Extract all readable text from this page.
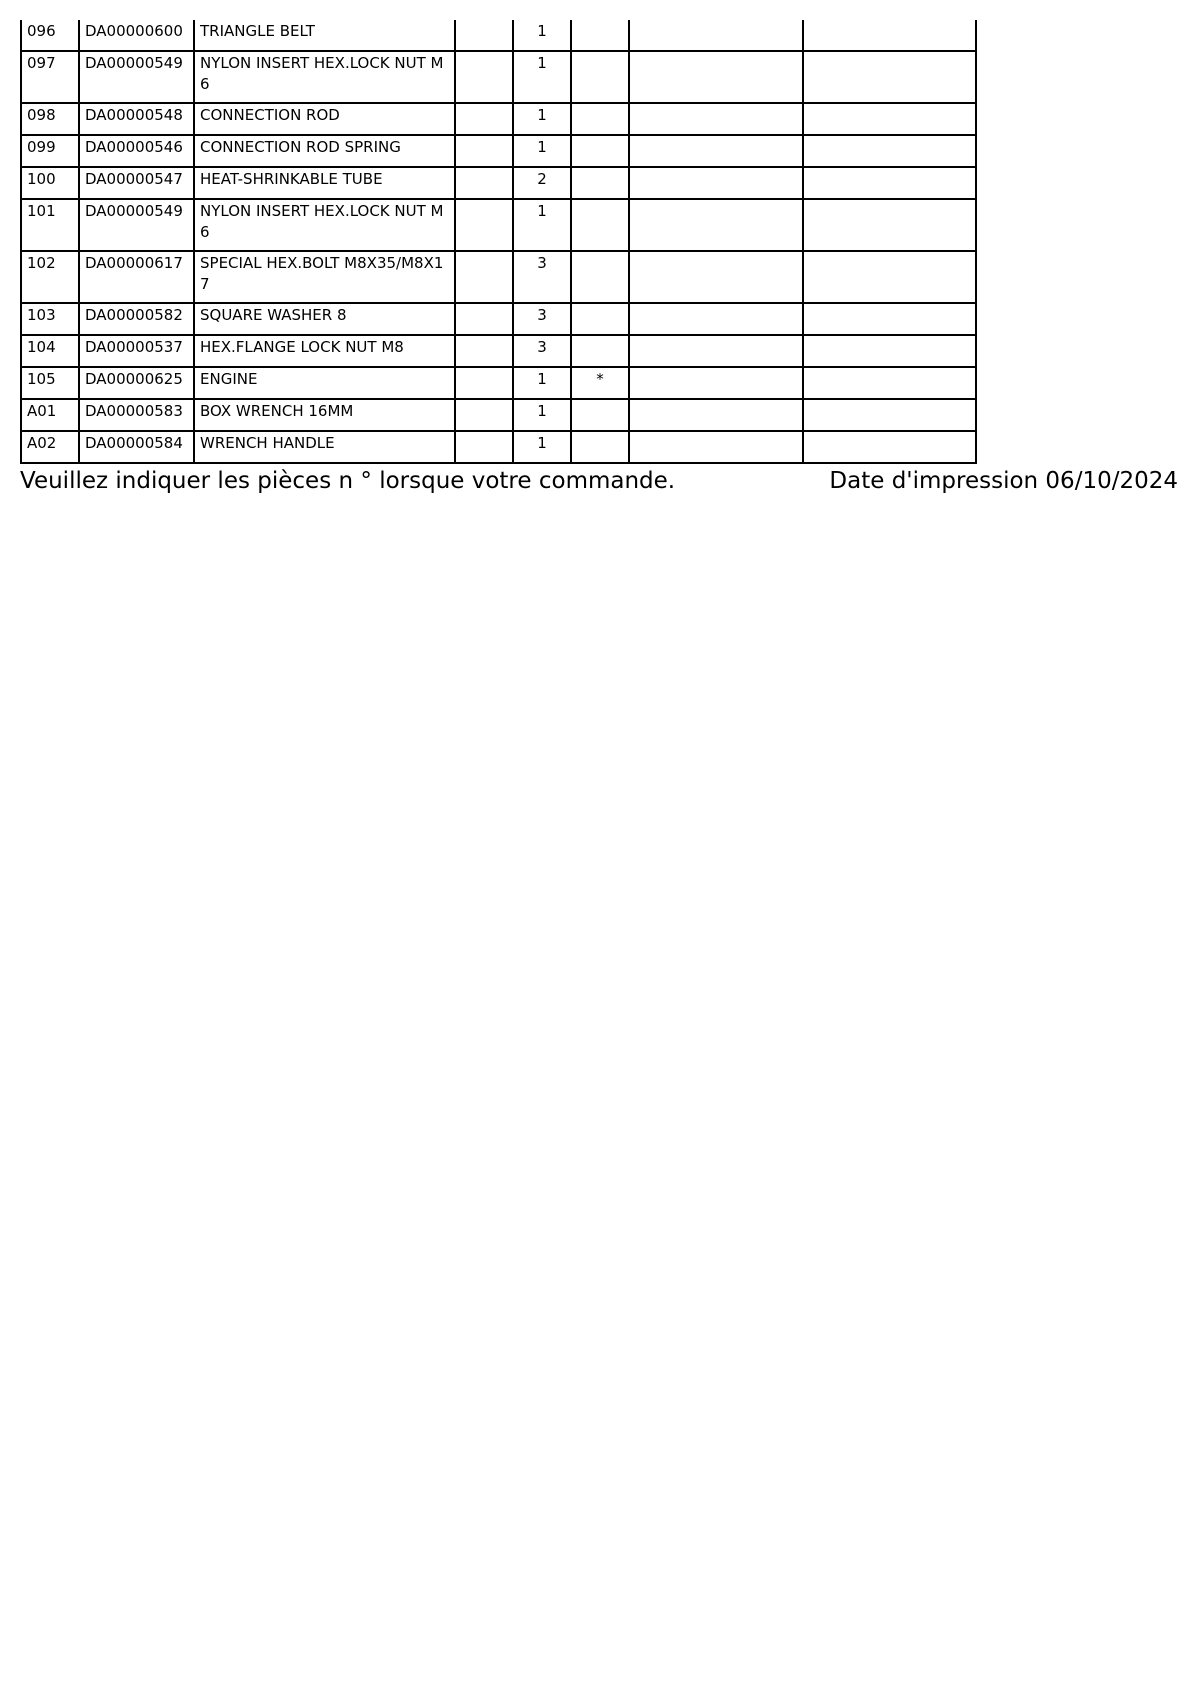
096	DA00000600	TRIANGLE BELT		1			
097	DA00000549	NYLON INSERT HEX.LOCK NUT M6		1			
098	DA00000548	CONNECTION ROD		1			
099	DA00000546	CONNECTION ROD SPRING		1			
100	DA00000547	HEAT-SHRINKABLE TUBE		2			
101	DA00000549	NYLON INSERT HEX.LOCK NUT M6		1			
102	DA00000617	SPECIAL HEX.BOLT M8X35/M8X17		3			
103	DA00000582	SQUARE WASHER 8		3			
104	DA00000537	HEX.FLANGE LOCK NUT M8		3			
105	DA00000625	ENGINE		1	*		
A01	DA00000583	BOX WRENCH 16MM		1			
A02	DA00000584	WRENCH HANDLE		1			
Veuillez indiquer les pièces n ° lorsque votre commande.	Date d'impression 06/10/2024
